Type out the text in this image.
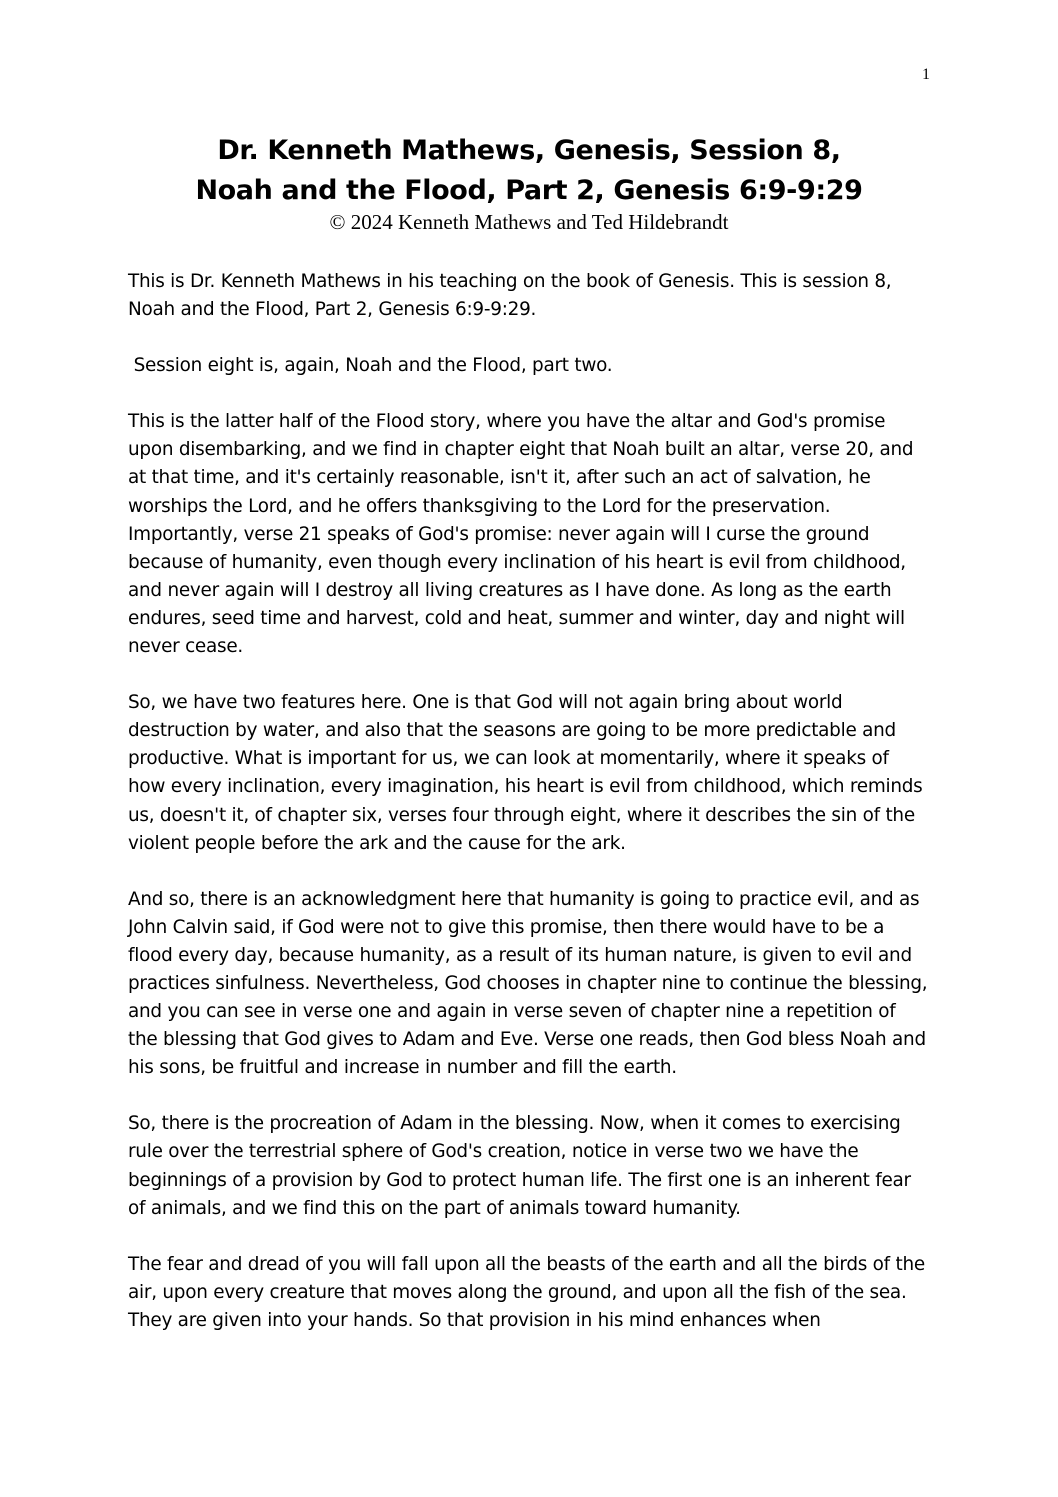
1
Dr. Kenneth Mathews, Genesis, Session 8,
Noah and the Flood, Part 2, Genesis 6:9-9:29
© 2024 Kenneth Mathews and Ted Hildebrandt

This is Dr. Kenneth Mathews in his teaching on the book of Genesis. This is session 8, Noah and the Flood, Part 2, Genesis 6:9-9:29.

Session eight is, again, Noah and the Flood, part two.

This is the latter half of the Flood story, where you have the altar and God's promise upon disembarking, and we find in chapter eight that Noah built an altar, verse 20, and at that time, and it's certainly reasonable, isn't it, after such an act of salvation, he worships the Lord, and he offers thanksgiving to the Lord for the preservation. Importantly, verse 21 speaks of God's promise: never again will I curse the ground because of humanity, even though every inclination of his heart is evil from childhood, and never again will I destroy all living creatures as I have done. As long as the earth endures, seed time and harvest, cold and heat, summer and winter, day and night will never cease.

So, we have two features here. One is that God will not again bring about world destruction by water, and also that the seasons are going to be more predictable and productive. What is important for us, we can look at momentarily, where it speaks of how every inclination, every imagination, his heart is evil from childhood, which reminds us, doesn't it, of chapter six, verses four through eight, where it describes the sin of the violent people before the ark and the cause for the ark.

And so, there is an acknowledgment here that humanity is going to practice evil, and as John Calvin said, if God were not to give this promise, then there would have to be a flood every day, because humanity, as a result of its human nature, is given to evil and practices sinfulness. Nevertheless, God chooses in chapter nine to continue the blessing, and you can see in verse one and again in verse seven of chapter nine a repetition of the blessing that God gives to Adam and Eve. Verse one reads, then God bless Noah and his sons, be fruitful and increase in number and fill the earth.

So, there is the procreation of Adam in the blessing. Now, when it comes to exercising rule over the terrestrial sphere of God's creation, notice in verse two we have the beginnings of a provision by God to protect human life. The first one is an inherent fear of animals, and we find this on the part of animals toward humanity.

The fear and dread of you will fall upon all the beasts of the earth and all the birds of the air, upon every creature that moves along the ground, and upon all the fish of the sea. They are given into your hands. So that provision in his mind enhances when
